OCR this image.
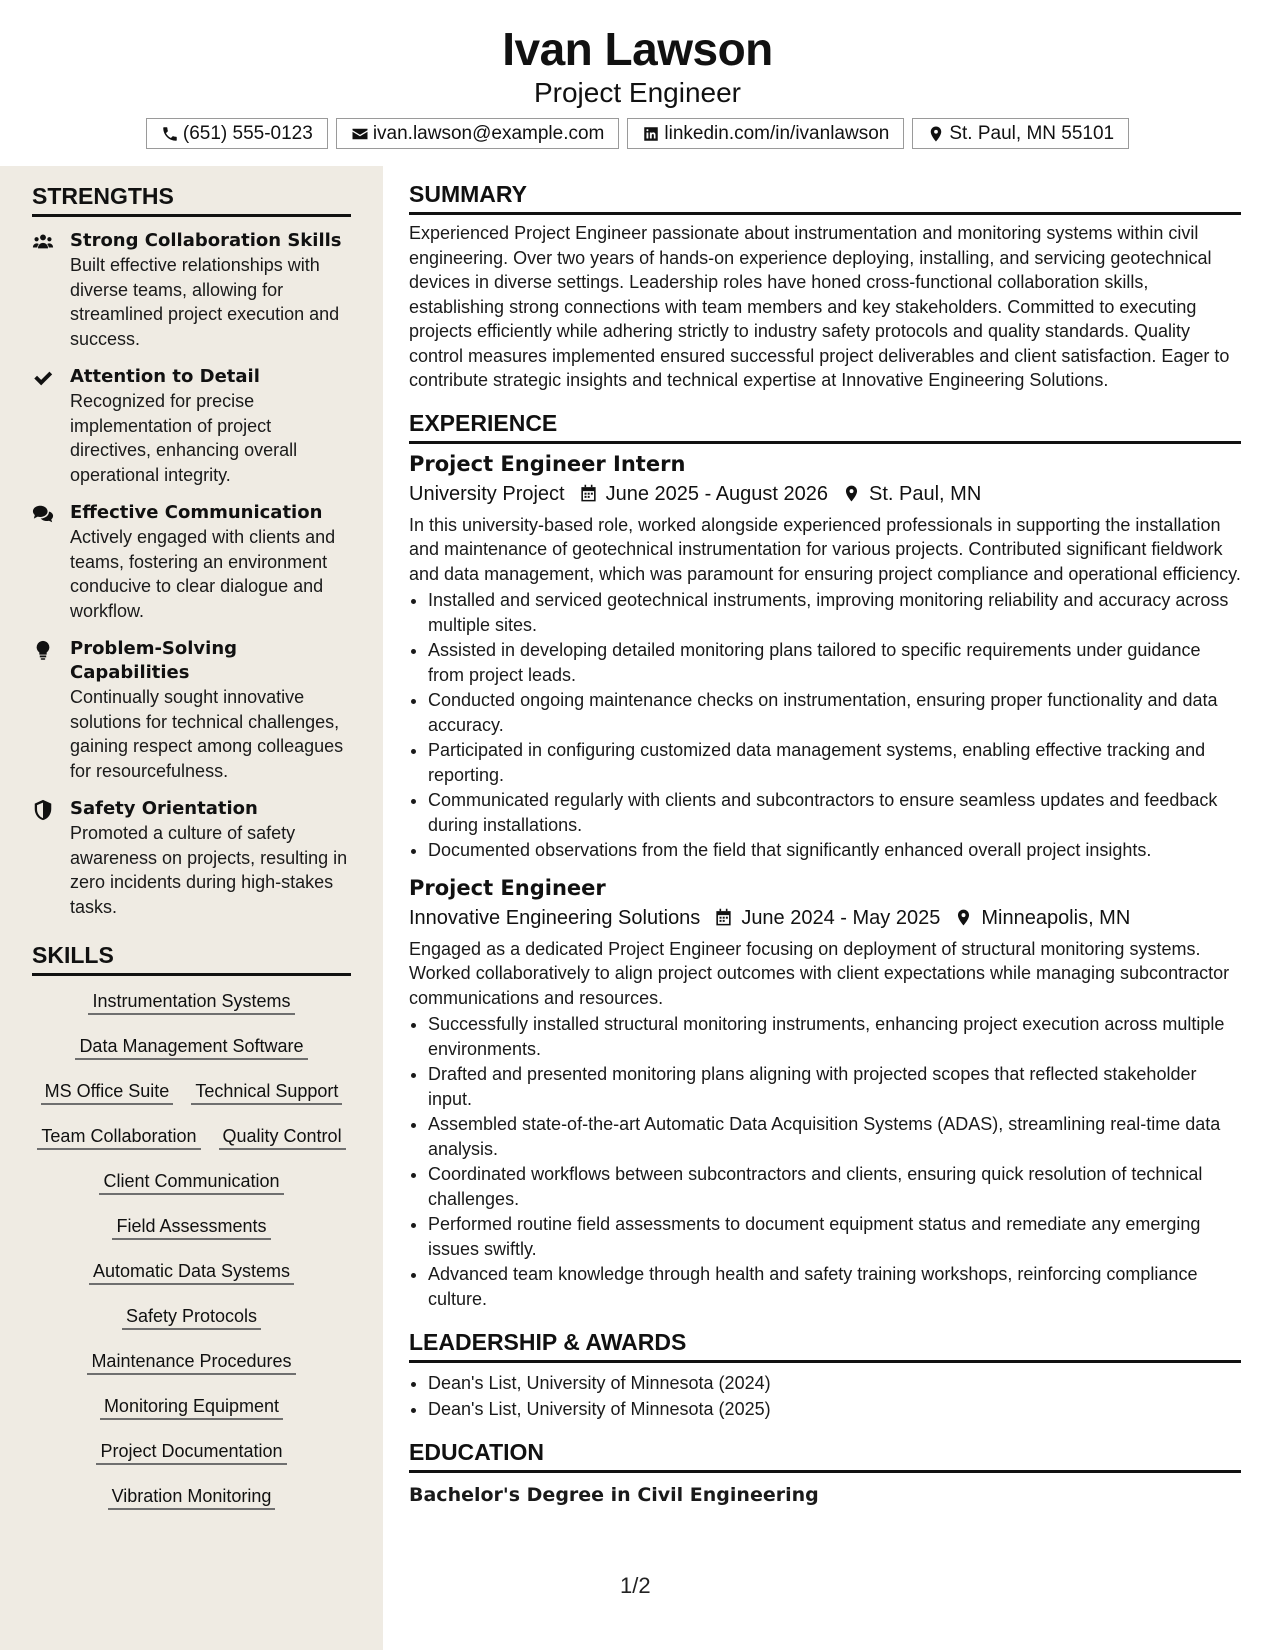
Ivan Lawson
Project Engineer
(651) 555-0123	ivan.lawson@example.com	linkedin.com/in/ivanlawson	St. Paul, MN 55101
STRENGTHS
Strong Collaboration Skills
Built effective relationships with diverse teams, allowing for streamlined project execution and success.
Attention to Detail
Recognized for precise implementation of project directives, enhancing overall operational integrity.
Effective Communication
Actively engaged with clients and teams, fostering an environment conducive to clear dialogue and workflow.
Problem-Solving Capabilities
Continually sought innovative solutions for technical challenges, gaining respect among colleagues for resourcefulness.
Safety Orientation
Promoted a culture of safety awareness on projects, resulting in zero incidents during high-stakes tasks.
SKILLS
Instrumentation Systems
Data Management Software
MS Office Suite Technical Support
Team Collaboration Quality Control
Client Communication
Field Assessments
Automatic Data Systems
Safety Protocols
Maintenance Procedures
Monitoring Equipment
Project Documentation
Vibration Monitoring
SUMMARY
Experienced Project Engineer passionate about instrumentation and monitoring systems within civil engineering. Over two years of hands-on experience deploying, installing, and servicing geotechnical devices in diverse settings. Leadership roles have honed cross-functional collaboration skills, establishing strong connections with team members and key stakeholders. Committed to executing projects efficiently while adhering strictly to industry safety protocols and quality standards. Quality control measures implemented ensured successful project deliverables and client satisfaction. Eager to contribute strategic insights and technical expertise at Innovative Engineering Solutions.
EXPERIENCE
Project Engineer Intern
University Project June 2025 - August 2026 St. Paul, MN
In this university-based role, worked alongside experienced professionals in supporting the installation and maintenance of geotechnical instrumentation for various projects. Contributed significant fieldwork and data management, which was paramount for ensuring project compliance and operational efficiency.
• Installed and serviced geotechnical instruments, improving monitoring reliability and accuracy across multiple sites.
• Assisted in developing detailed monitoring plans tailored to specific requirements under guidance from project leads.
• Conducted ongoing maintenance checks on instrumentation, ensuring proper functionality and data accuracy.
• Participated in configuring customized data management systems, enabling effective tracking and reporting.
• Communicated regularly with clients and subcontractors to ensure seamless updates and feedback during installations.
• Documented observations from the field that significantly enhanced overall project insights.
Project Engineer
Innovative Engineering Solutions June 2024 - May 2025 Minneapolis, MN
Engaged as a dedicated Project Engineer focusing on deployment of structural monitoring systems. Worked collaboratively to align project outcomes with client expectations while managing subcontractor communications and resources.
• Successfully installed structural monitoring instruments, enhancing project execution across multiple environments.
• Drafted and presented monitoring plans aligning with projected scopes that reflected stakeholder input.
• Assembled state-of-the-art Automatic Data Acquisition Systems (ADAS), streamlining real-time data analysis.
• Coordinated workflows between subcontractors and clients, ensuring quick resolution of technical challenges.
• Performed routine field assessments to document equipment status and remediate any emerging issues swiftly.
• Advanced team knowledge through health and safety training workshops, reinforcing compliance culture.
LEADERSHIP & AWARDS
• Dean's List, University of Minnesota (2024)
• Dean's List, University of Minnesota (2025)
EDUCATION
Bachelor's Degree in Civil Engineering
1/2
